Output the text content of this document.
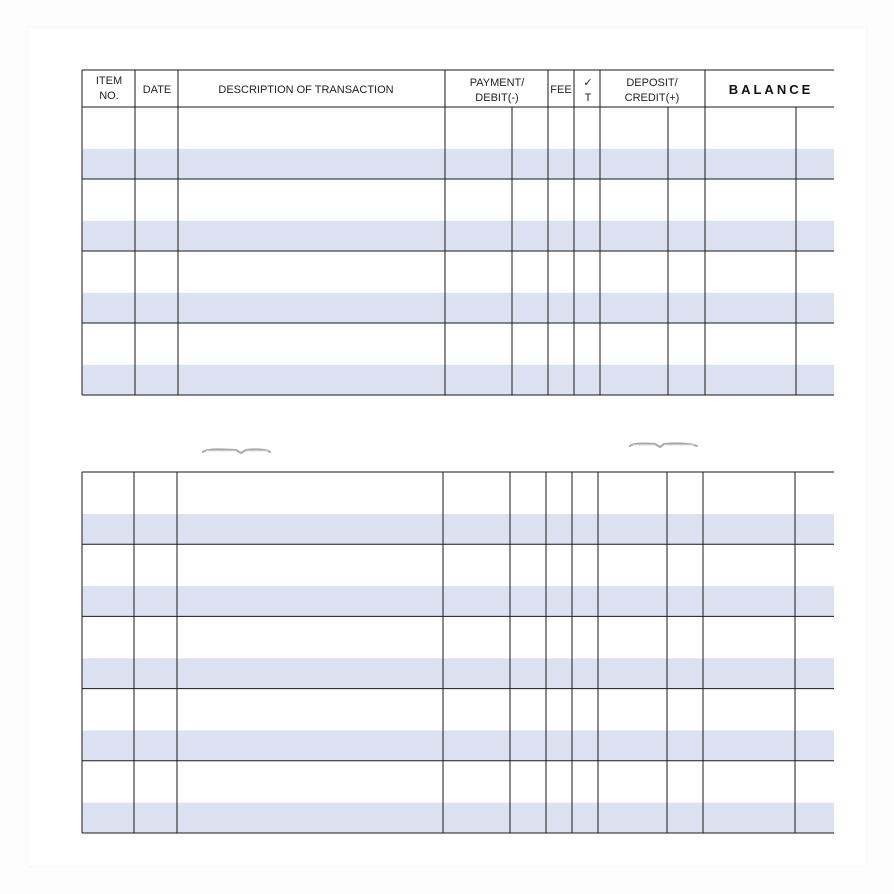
ITEM
NO. DATE	DESCRIPTION OF TRANSACTION
PAYMENT/
DEBIT(-)
FEE
✓
T
DEPOSIT/
CREDIT(+)
BALANCE
